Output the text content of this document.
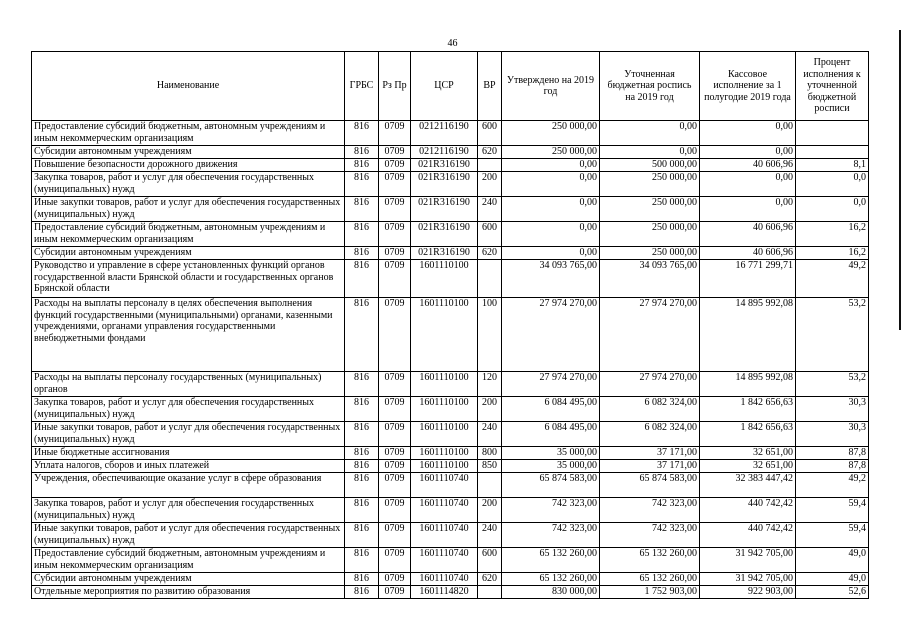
46
Наименование	ГРБС	Рз Пр	ЦСР	ВР	Утверждено на 2019 год	Уточненная бюджетная роспись на 2019 год	Кассовое исполнение за 1 полугодие 2019 года	Процент исполнения к уточненной бюджетной росписи
Предоставление субсидий бюджетным, автономным учреждениям и иным некоммерческим организациям	816	0709	0212116190	600	250 000,00	0,00	0,00	
Субсидии автономным учреждениям	816	0709	0212116190	620	250 000,00	0,00	0,00	
Повышение безопасности дорожного движения	816	0709	021R316190		0,00	500 000,00	40 606,96	8,1
Закупка товаров, работ и услуг для обеспечения государственных (муниципальных) нужд	816	0709	021R316190	200	0,00	250 000,00	0,00	0,0
Иные закупки товаров, работ и услуг для обеспечения государственных (муниципальных) нужд	816	0709	021R316190	240	0,00	250 000,00	0,00	0,0
Предоставление субсидий бюджетным, автономным учреждениям и иным некоммерческим организациям	816	0709	021R316190	600	0,00	250 000,00	40 606,96	16,2
Субсидии автономным учреждениям	816	0709	021R316190	620	0,00	250 000,00	40 606,96	16,2
Руководство и управление в сфере установленных функций органов государственной власти Брянской области и государственных органов Брянской области	816	0709	1601110100		34 093 765,00	34 093 765,00	16 771 299,71	49,2
Расходы на выплаты персоналу в целях обеспечения выполнения функций государственными (муниципальными) органами, казенными учреждениями, органами управления государственными внебюджетными фондами	816	0709	1601110100	100	27 974 270,00	27 974 270,00	14 895 992,08	53,2
Расходы на выплаты персоналу государственных (муниципальных) органов	816	0709	1601110100	120	27 974 270,00	27 974 270,00	14 895 992,08	53,2
Закупка товаров, работ и услуг для обеспечения государственных (муниципальных) нужд	816	0709	1601110100	200	6 084 495,00	6 082 324,00	1 842 656,63	30,3
Иные закупки товаров, работ и услуг для обеспечения государственных (муниципальных) нужд	816	0709	1601110100	240	6 084 495,00	6 082 324,00	1 842 656,63	30,3
Иные бюджетные ассигнования	816	0709	1601110100	800	35 000,00	37 171,00	32 651,00	87,8
Уплата налогов, сборов и иных платежей	816	0709	1601110100	850	35 000,00	37 171,00	32 651,00	87,8
Учреждения, обеспечивающие оказание услуг в сфере образования	816	0709	1601110740		65 874 583,00	65 874 583,00	32 383 447,42	49,2
Закупка товаров, работ и услуг для обеспечения государственных (муниципальных) нужд	816	0709	1601110740	200	742 323,00	742 323,00	440 742,42	59,4
Иные закупки товаров, работ и услуг для обеспечения государственных (муниципальных) нужд	816	0709	1601110740	240	742 323,00	742 323,00	440 742,42	59,4
Предоставление субсидий бюджетным, автономным учреждениям и иным некоммерческим организациям	816	0709	1601110740	600	65 132 260,00	65 132 260,00	31 942 705,00	49,0
Субсидии автономным учреждениям	816	0709	1601110740	620	65 132 260,00	65 132 260,00	31 942 705,00	49,0
Отдельные мероприятия по развитию образования	816	0709	1601114820		830 000,00	1 752 903,00	922 903,00	52,6
